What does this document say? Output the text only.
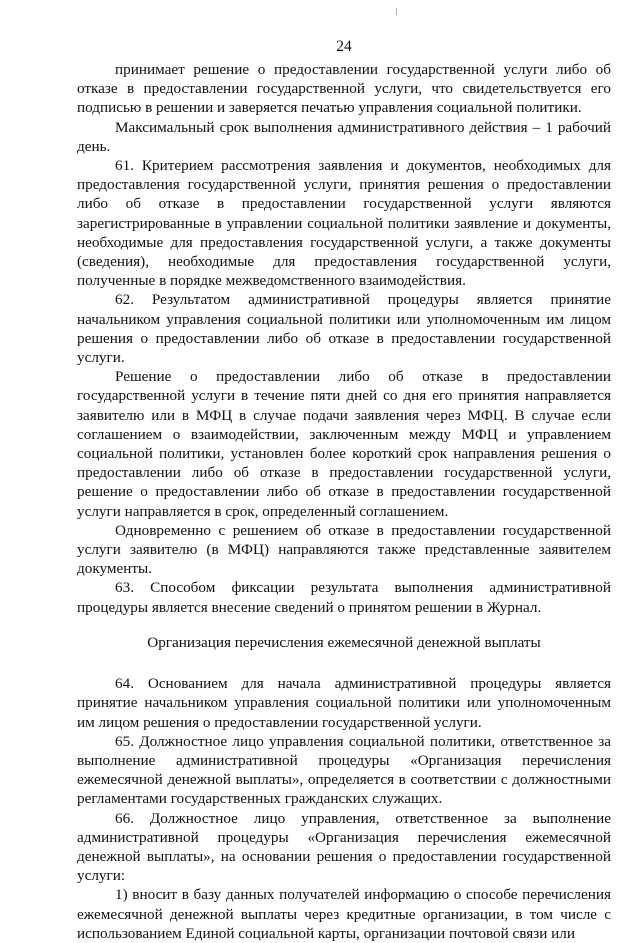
24

принимает решение о предоставлении государственной услуги либо об отказе в предоставлении государственной услуги, что свидетельствуется его подписью в решении и заверяется печатью управления социальной политики.

Максимальный срок выполнения административного действия – 1 рабочий день.

61. Критерием рассмотрения заявления и документов, необходимых для предоставления государственной услуги, принятия решения о предоставлении либо об отказе в предоставлении государственной услуги являются зарегистрированные в управлении социальной политики заявление и документы, необходимые для предоставления государственной услуги, а также документы (сведения), необходимые для предоставления государственной услуги, полученные в порядке межведомственного взаимодействия.

62. Результатом административной процедуры является принятие начальником управления социальной политики или уполномоченным им лицом решения о предоставлении либо об отказе в предоставлении государственной услуги.

Решение о предоставлении либо об отказе в предоставлении государственной услуги в течение пяти дней со дня его принятия направляется заявителю или в МФЦ в случае подачи заявления через МФЦ. В случае если соглашением о взаимодействии, заключенным между МФЦ и управлением социальной политики, установлен более короткий срок направления решения о предоставлении либо об отказе в предоставлении государственной услуги, решение о предоставлении либо об отказе в предоставлении государственной услуги направляется в срок, определенный соглашением.

Одновременно с решением об отказе в предоставлении государственной услуги заявителю (в МФЦ) направляются также представленные заявителем документы.

63. Способом фиксации результата выполнения административной процедуры является внесение сведений о принятом решении в Журнал.

Организация перечисления ежемесячной денежной выплаты

64. Основанием для начала административной процедуры является принятие начальником управления социальной политики или уполномоченным им лицом решения о предоставлении государственной услуги.

65. Должностное лицо управления социальной политики, ответственное за выполнение административной процедуры «Организация перечисления ежемесячной денежной выплаты», определяется в соответствии с должностными регламентами государственных гражданских служащих.

66. Должностное лицо управления, ответственное за выполнение административной процедуры «Организация перечисления ежемесячной денежной выплаты», на основании решения о предоставлении государственной услуги:

1) вносит в базу данных получателей информацию о способе перечисления ежемесячной денежной выплаты через кредитные организации, в том числе с использованием Единой социальной карты, организации почтовой связи или
